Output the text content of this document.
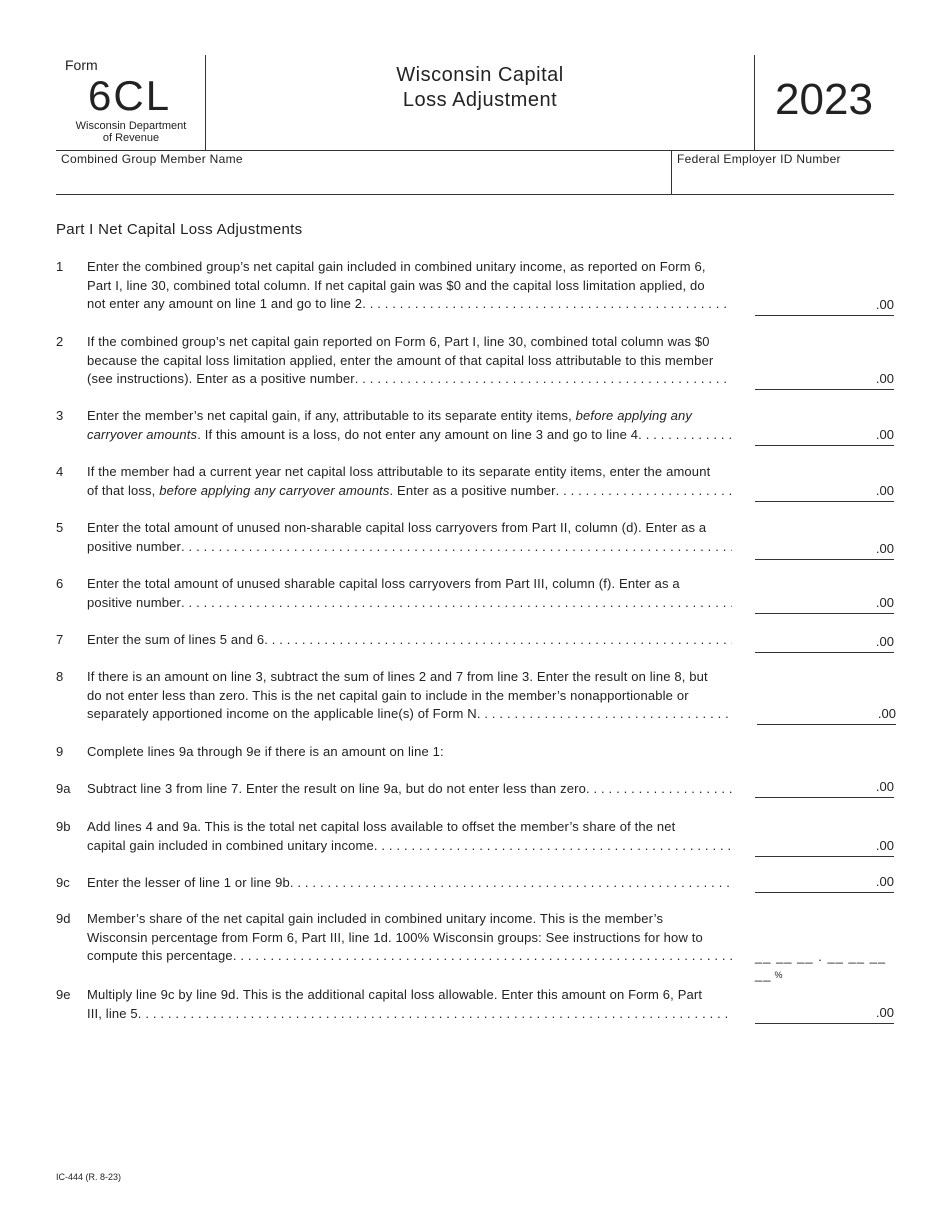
Form
6CL
Wisconsin Department
of Revenue
Wisconsin Capital
Loss Adjustment	2023
Combined Group Member Name	Federal Employer ID Number
Part I Net Capital Loss Adjustments
1 Enter the combined group’s net capital gain included in combined unitary income, as reported on Form 6,
Part I, line 30, combined total column. If net capital gain was $0 and the capital loss limitation applied, do
not enter any amount on line 1 and go to line 2 . . .	.00
2 If the combined group’s net capital gain reported on Form 6, Part I, line 30, combined total column was $0
because the capital loss limitation applied, enter the amount of that capital loss attributable to this member
(see instructions). Enter as a positive number . . .	.00
3 Enter the member’s net capital gain, if any, attributable to its separate entity items, before applying any
carryover amounts. If this amount is a loss, do not enter any amount on line 3 and go to line 4 . . .	.00
4 If the member had a current year net capital loss attributable to its separate entity items, enter the amount
of that loss, before applying any carryover amounts. Enter as a positive number . . .	.00
5 Enter the total amount of unused non-sharable capital loss carryovers from Part II, column (d). Enter as a
positive number . . .	.00
6 Enter the total amount of unused sharable capital loss carryovers from Part III, column (f). Enter as a
positive number . . .	.00
7 Enter the sum of lines 5 and 6 . . .	.00
8 If there is an amount on line 3, subtract the sum of lines 2 and 7 from line 3. Enter the result on line 8, but
do not enter less than zero. This is the net capital gain to include in the member’s nonapportionable or
separately apportioned income on the applicable line(s) of Form N . . .	.00
9 Complete lines 9a through 9e if there is an amount on line 1:
9a Subtract line 3 from line 7. Enter the result on line 9a, but do not enter less than zero . . .	.00
9b Add lines 4 and 9a. This is the total net capital loss available to offset the member’s share of the net
capital gain included in combined unitary income . . .	.00
9c Enter the lesser of line 1 or line 9b . . .	.00
9d Member’s share of the net capital gain included in combined unitary income. This is the member’s
Wisconsin percentage from Form 6, Part III, line 1d. 100% Wisconsin groups: See instructions for how to
compute this percentage . . .	__ __ __ . __ __ __ __ %
9e Multiply line 9c by line 9d. This is the additional capital loss allowable. Enter this amount on Form 6, Part
III, line 5 . . .	.00
IC-444 (R. 8-23)
